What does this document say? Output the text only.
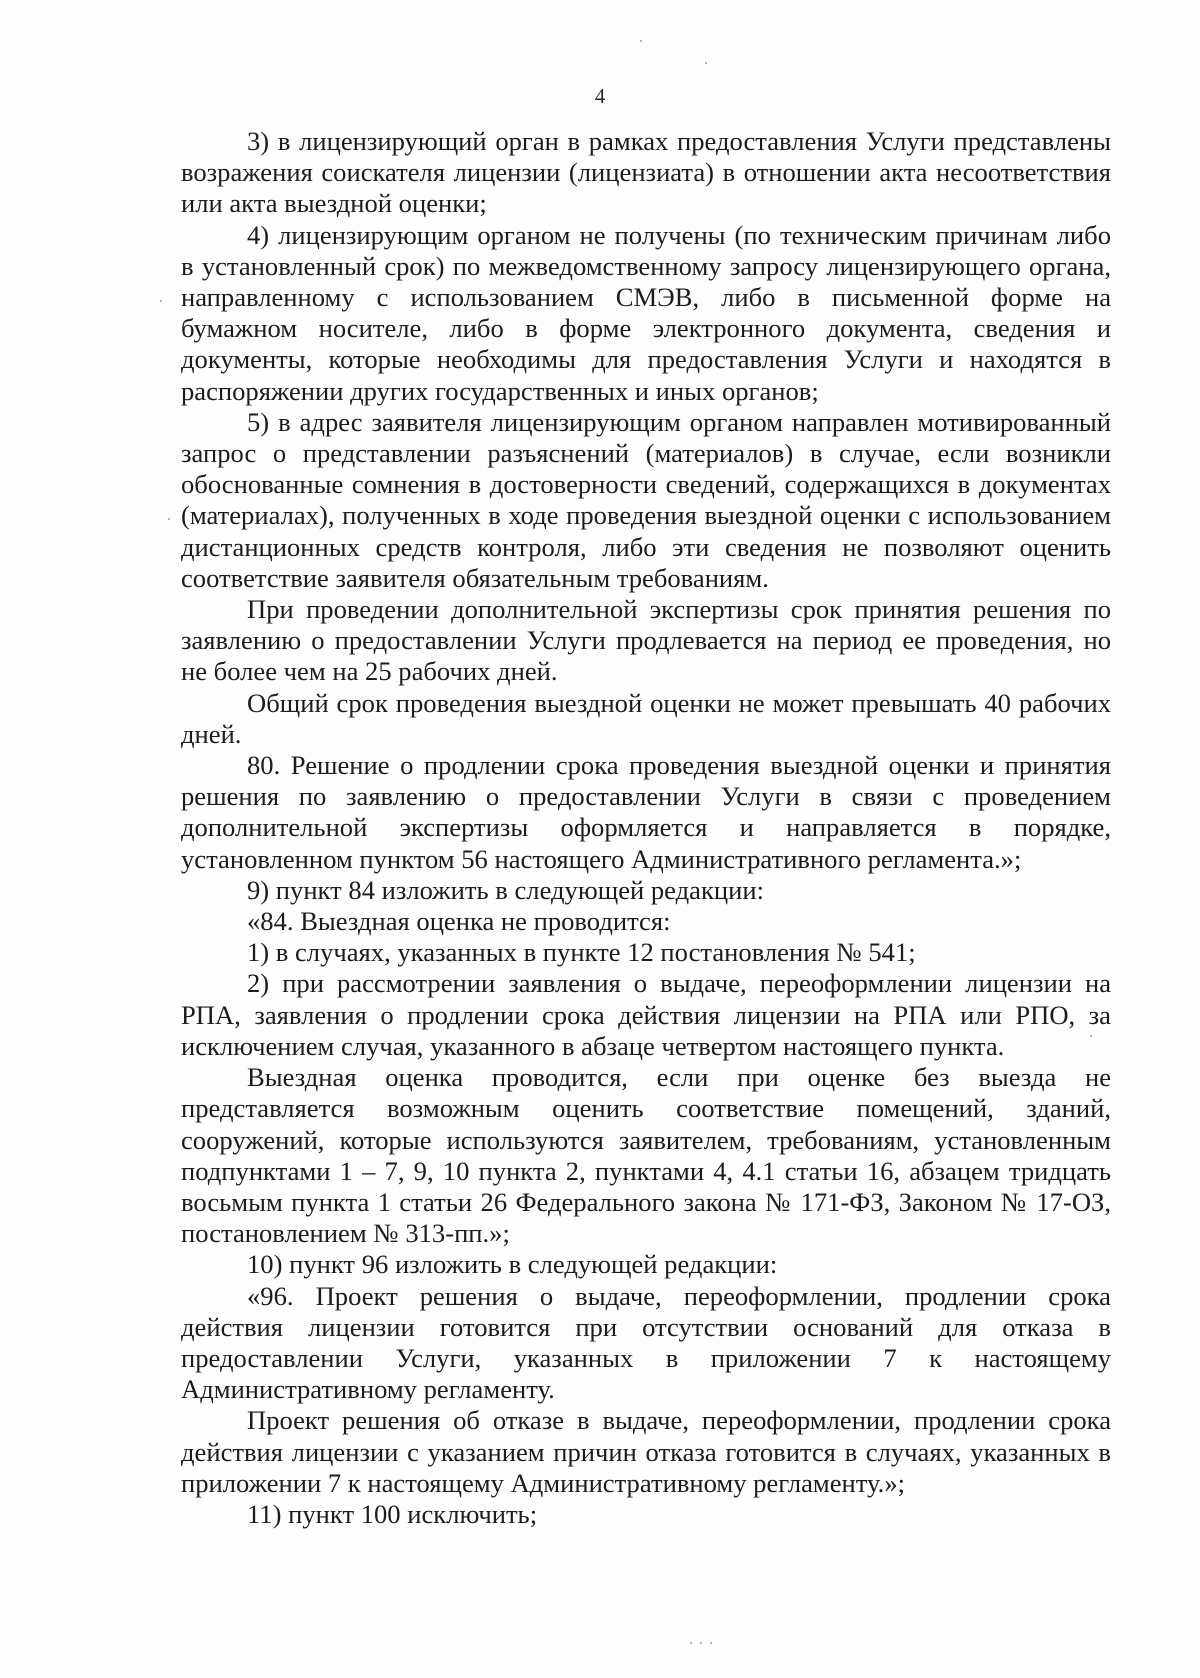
4

3) в лицензирующий орган в рамках предоставления Услуги представлены возражения соискателя лицензии (лицензиата) в отношении акта несоответствия или акта выездной оценки;

4) лицензирующим органом не получены (по техническим причинам либо в установленный срок) по межведомственному запросу лицензирующего органа, направленному с использованием СМЭВ, либо в письменной форме на бумажном носителе, либо в форме электронного документа, сведения и документы, которые необходимы для предоставления Услуги и находятся в распоряжении других государственных и иных органов;

5) в адрес заявителя лицензирующим органом направлен мотивированный запрос о представлении разъяснений (материалов) в случае, если возникли обоснованные сомнения в достоверности сведений, содержащихся в документах (материалах), полученных в ходе проведения выездной оценки с использованием дистанционных средств контроля, либо эти сведения не позволяют оценить соответствие заявителя обязательным требованиям.

При проведении дополнительной экспертизы срок принятия решения по заявлению о предоставлении Услуги продлевается на период ее проведения, но не более чем на 25 рабочих дней.

Общий срок проведения выездной оценки не может превышать 40 рабочих дней.

80. Решение о продлении срока проведения выездной оценки и принятия решения по заявлению о предоставлении Услуги в связи с проведением дополнительной экспертизы оформляется и направляется в порядке, установленном пунктом 56 настоящего Административного регламента.»;

9) пункт 84 изложить в следующей редакции:

«84. Выездная оценка не проводится:

1) в случаях, указанных в пункте 12 постановления № 541;

2) при рассмотрении заявления о выдаче, переоформлении лицензии на РПА, заявления о продлении срока действия лицензии на РПА или РПО, за исключением случая, указанного в абзаце четвертом настоящего пункта.

Выездная оценка проводится, если при оценке без выезда не представляется возможным оценить соответствие помещений, зданий, сооружений, которые используются заявителем, требованиям, установленным подпунктами 1 – 7, 9, 10 пункта 2, пунктами 4, 4.1 статьи 16, абзацем тридцать восьмым пункта 1 статьи 26 Федерального закона № 171-ФЗ, Законом № 17-ОЗ, постановлением № 313-пп.»;

10) пункт 96 изложить в следующей редакции:

«96. Проект решения о выдаче, переоформлении, продлении срока действия лицензии готовится при отсутствии оснований для отказа в предоставлении Услуги, указанных в приложении 7 к настоящему Административному регламенту.

Проект решения об отказе в выдаче, переоформлении, продлении срока действия лицензии с указанием причин отказа готовится в случаях, указанных в приложении 7 к настоящему Административному регламенту.»;

11) пункт 100 исключить;
